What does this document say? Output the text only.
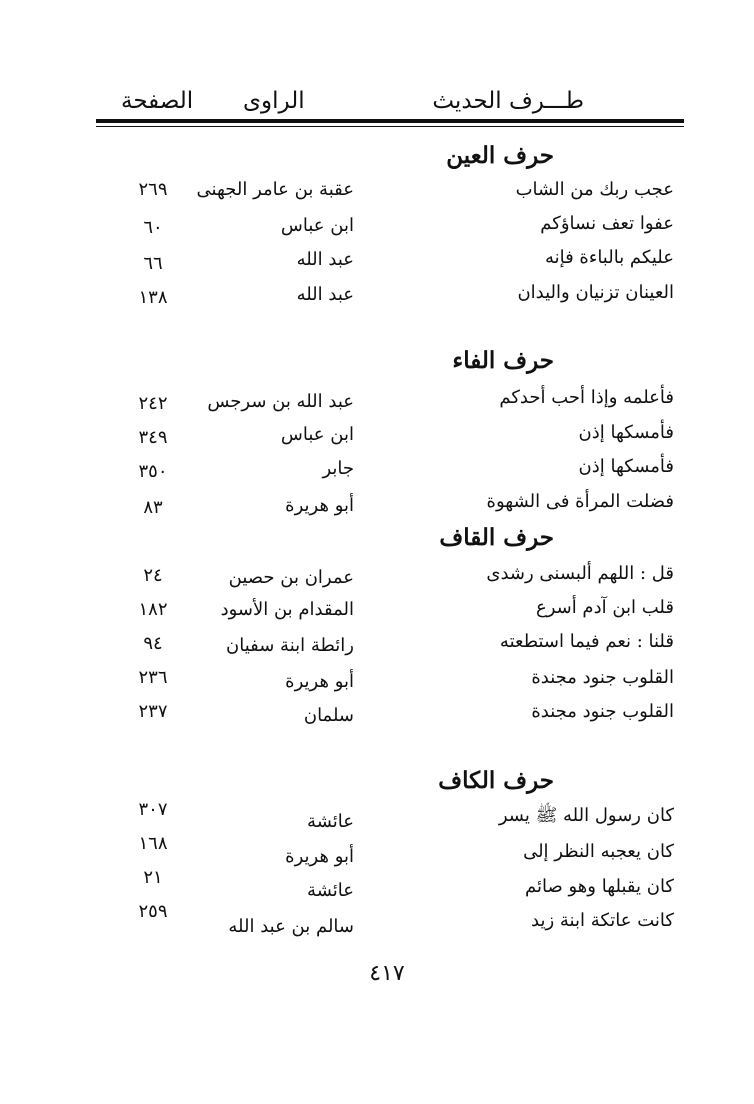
طـــرف الحديث
الراوى
الصفحة
حرف العين
عجب ربك من الشاب
عقبة بن عامر الجهنى
٢٦٩
عفوا تعف نساؤكم
ابن عباس
٦٠
عليكم بالباءة فإنه
عبد الله
٦٦
العينان تزنيان واليدان
عبد الله
١٣٨
حرف الفاء
فأعلمه وإذا أحب أحدكم
عبد الله بن سرجس
٢٤٢
فأمسكها إذن
ابن عباس
٣٤٩
فأمسكها إذن
جابر
٣٥٠
فضلت المرأة فى الشهوة
أبو هريرة
٨٣
حرف القاف
قل : اللهم ألبسنى رشدى
عمران بن حصين
٢٤
قلب ابن آدم أسرع
المقدام بن الأسود
١٨٢
قلنا : نعم فيما استطعته
رائطة ابنة سفيان
٩٤
القلوب جنود مجندة
أبو هريرة
٢٣٦
القلوب جنود مجندة
سلمان
٢٣٧
حرف الكاف
كان رسول الله ﷺ يسر
عائشة
٣٠٧
كان يعجبه النظر إلى
أبو هريرة
١٦٨
كان يقبلها وهو صائم
عائشة
٢١
كانت عاتكة ابنة زيد
سالم بن عبد الله
٢٥٩
٤١٧
